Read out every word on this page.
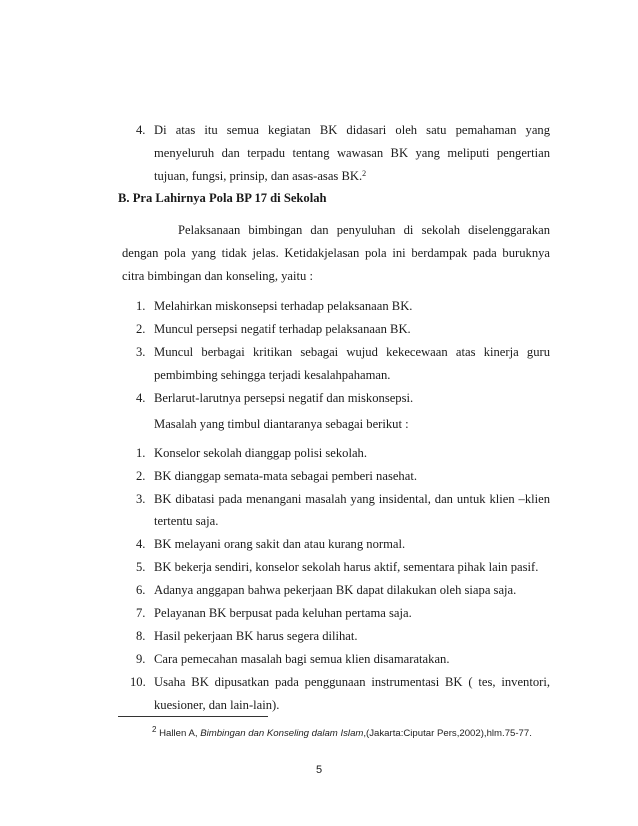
4. Di atas itu semua kegiatan BK didasari oleh satu pemahaman yang
menyeluruh dan terpadu tentang wawasan BK yang meliputi pengertian
tujuan, fungsi, prinsip, dan asas-asas BK.$^2$
B. Pra Lahirnya Pola BP 17 di Sekolah
Pelaksanaan bimbingan dan penyuluhan di sekolah diselenggarakan
dengan pola yang tidak jelas. Ketidakjelasan pola ini berdampak pada buruknya
citra bimbingan dan konseling, yaitu :
1. Melahirkan miskonsepsi terhadap pelaksanaan BK.
2. Muncul persepsi negatif terhadap pelaksanaan BK.
3. Muncul berbagai kritikan sebagai wujud kekecewaan atas kinerja guru
pembimbing sehingga terjadi kesalahpahaman.
4. Berlarut-larutnya persepsi negatif dan miskonsepsi.
Masalah yang timbul diantaranya sebagai berikut :
1. Konselor sekolah dianggap polisi sekolah.
2. BK dianggap semata-mata sebagai pemberi nasehat.
3. BK dibatasi pada menangani masalah yang insidental, dan untuk klien –klien
tertentu saja.
4. BK melayani orang sakit dan atau kurang normal.
5. BK bekerja sendiri, konselor sekolah harus aktif, sementara pihak lain pasif.
6. Adanya anggapan bahwa pekerjaan BK dapat dilakukan oleh siapa saja.
7. Pelayanan BK berpusat pada keluhan pertama saja.
8. Hasil pekerjaan BK harus segera dilihat.
9. Cara pemecahan masalah bagi semua klien disamaratakan.
10. Usaha BK dipusatkan pada penggunaan instrumentasi BK ( tes, inventori,
kuesioner, dan lain-lain).
$^2$ Hallen A, Bimbingan dan Konseling dalam Islam,(Jakarta:Ciputar Pers,2002),hlm.75-77.
5
